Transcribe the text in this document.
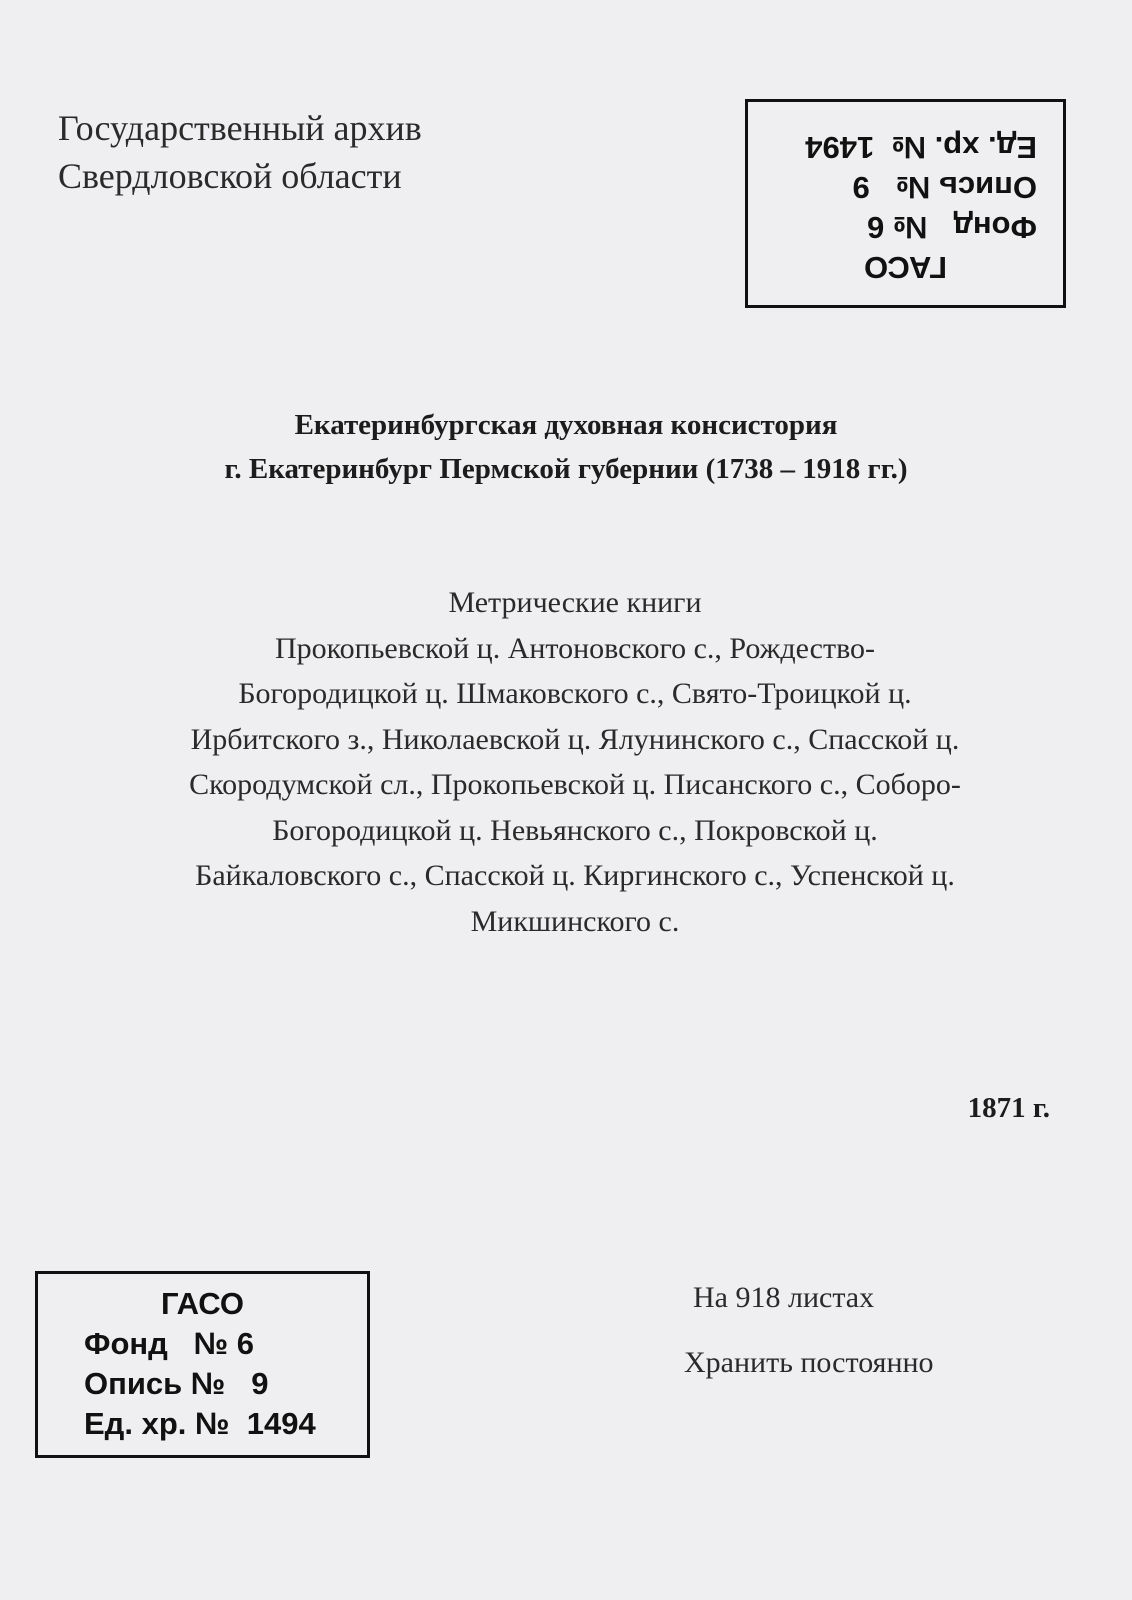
Государственный архив
Свердловской области
ГАСО
Фонд   № 6
Опись №   9
Ед. хр. №  1494
Екатеринбургская духовная консистория
г. Екатеринбург Пермской губернии (1738 – 1918 гг.)
Метрические книги
Прокопьевской ц. Антоновского с., Рождество-
Богородицкой ц. Шмаковского с., Свято-Троицкой ц.
Ирбитского з., Николаевской ц. Ялунинского с., Спасской ц.
Скородумской сл., Прокопьевской ц. Писанского с., Соборо-
Богородицкой ц. Невьянского с., Покровской ц.
Байкаловского с., Спасской ц. Киргинского с., Успенской ц.
Микшинского с.
1871 г.
ГАСО
Фонд   № 6
Опись №   9
Ед. хр. №  1494
На 918 листах
Хранить постоянно
